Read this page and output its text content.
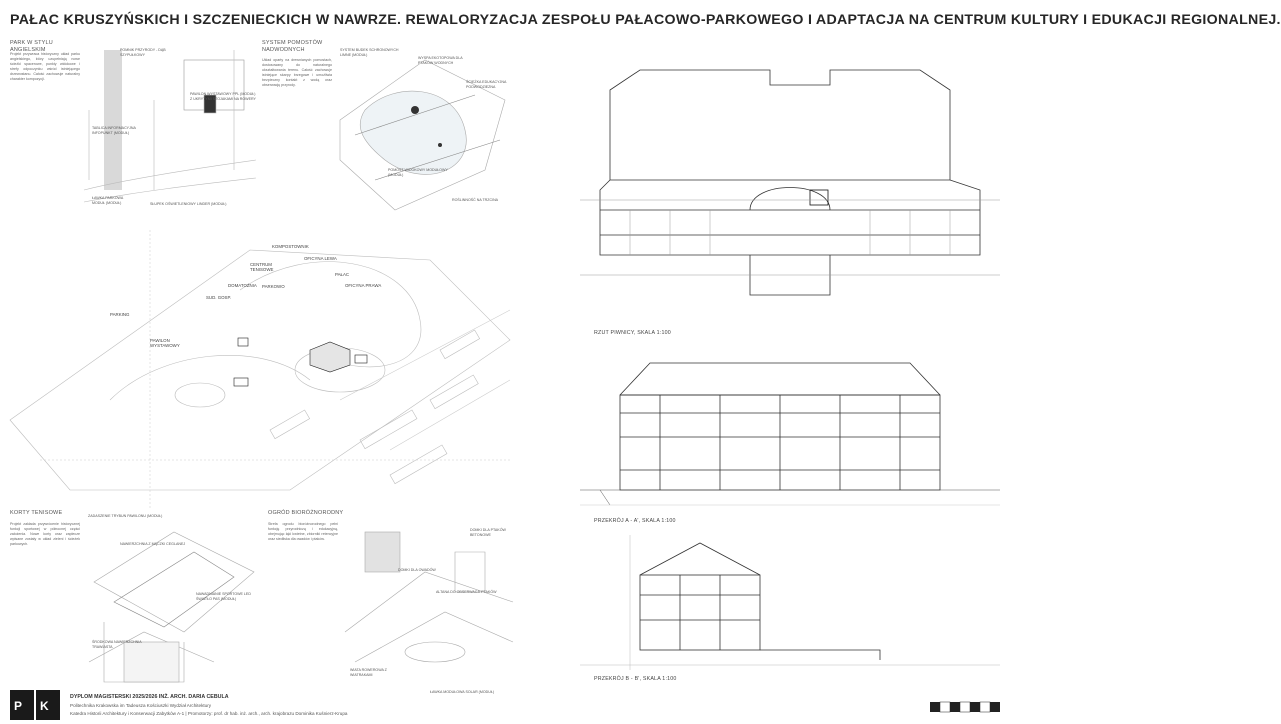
PAŁAC KRUSZYŃSKICH I SZCZENIECKICH W NAWRZE. REWALORYZACJA ZESPOŁU PAŁACOWO-PARKOWEGO I ADAPTACJA NA CENTRUM KULTURY I EDUKACJI REGIONALNEJ.
PARK W STYLU ANGIELSKIM
Projekt przywraca historyczny układ parku angielskiego, który uzupełniają nowe ścieżki spacerowe, punkty widokowe i strefy odpoczynku wśród istniejącego drzewostanu. Całość zachowuje naturalny charakter kompozycji.
POMNIK PRZYRODY - DĄB SZYPUŁKOWY
PAWILON WYSTAWOWY PPL (MODUŁ) Z UKRYTYMI STOJAKAMI NA ROWERY
TABLICA INFORMACYJNA INFOPUNKT (MODUŁ)
ŁAWKA PARKOWA MODUŁ (MODUŁ)	SŁUPEK OŚWIETLENIOWY LINDER (MODUŁ)
SYSTEM POMOSTÓW NADWODNYCH
Układ oparty na drewnianych pomostach, dostosowany do naturalnego ukształtowania terenu. Całość zachowuje istniejące skarpy brzegowe i umożliwia bezpieczny kontakt z wodą oraz obserwację przyrody.
SYSTEM BUDEK SCHRONOWYCH LIMNE (MODUŁ)
WYSPA EKOTOPOWA DLA PTAKÓW WODNYCH
ŚCIEŻKA EDUKACYJNA PODWODZIEZNA
POMOST WIDOKOWY MODUŁOWY (MODUŁ)
ROŚLINNOŚĆ NA TRZCINA
KOMPOSTOWNIK
OFICYNA LEWA
CENTRUM TENISOWE
DOMATOŻNIA PARKOWO
PAŁAC
OFICYNA PRAWA
SUD. GOSP.
PARKING
PAWILON WYSTAWOWY
KORTY TENISOWE
Projekt zakłada przywrócenie historycznej funkcji sportowej w północnej części założenia. Nowe korty oraz zaplecze wpisane zostały w układ zieleni i ścieżek parkowych.
ZADASZENIE TRYBUN PAWILONU (MODUŁ)
NAWIERZCHNIA Z MĄCZKI CEGLANEJ
NAWADNIANIE SPORTOWE LED ŚWIATŁO PAS (MODUŁ)
ŚRODKOWA NAWIERZCHNIA TRAWIASTA
OGRÓD BIORÓŻNORODNY
Strefa ogrodu bioróżnorodnego pełni funkcję przyrodniczą i edukacyjną, obejmując łąki kwietne, zbiorniki retencyjne oraz siedliska dla owadów i ptaków.
DOMKI DLA PTAKÓW BETONOWE
DOMKI DLA OWADÓW
ALTANA DO OBSERWACJI PTAKÓW
WIATA ROWEROWA Z WIATRAKAMI
ŁAWKA MODUŁOWA SOLAR (MODUŁ)
RZUT PIWNICY, SKALA 1:100
PRZEKRÓJ A - A', SKALA 1:100
PRZEKRÓJ B - B', SKALA 1:100
P K
DYPLOM MAGISTERSKI 2025/2026 INŻ. ARCH. DARIA CEBULA
Politechnika Krakowska im Tadeusza Kościuszki Wydział Architektury
Katedra Historii Architektury i Konserwacji Zabytków A-1 | Promotorzy: prof. dr hab. inż. arch., arch. krajobrazu Dominika Kuśnierz-Krupa
